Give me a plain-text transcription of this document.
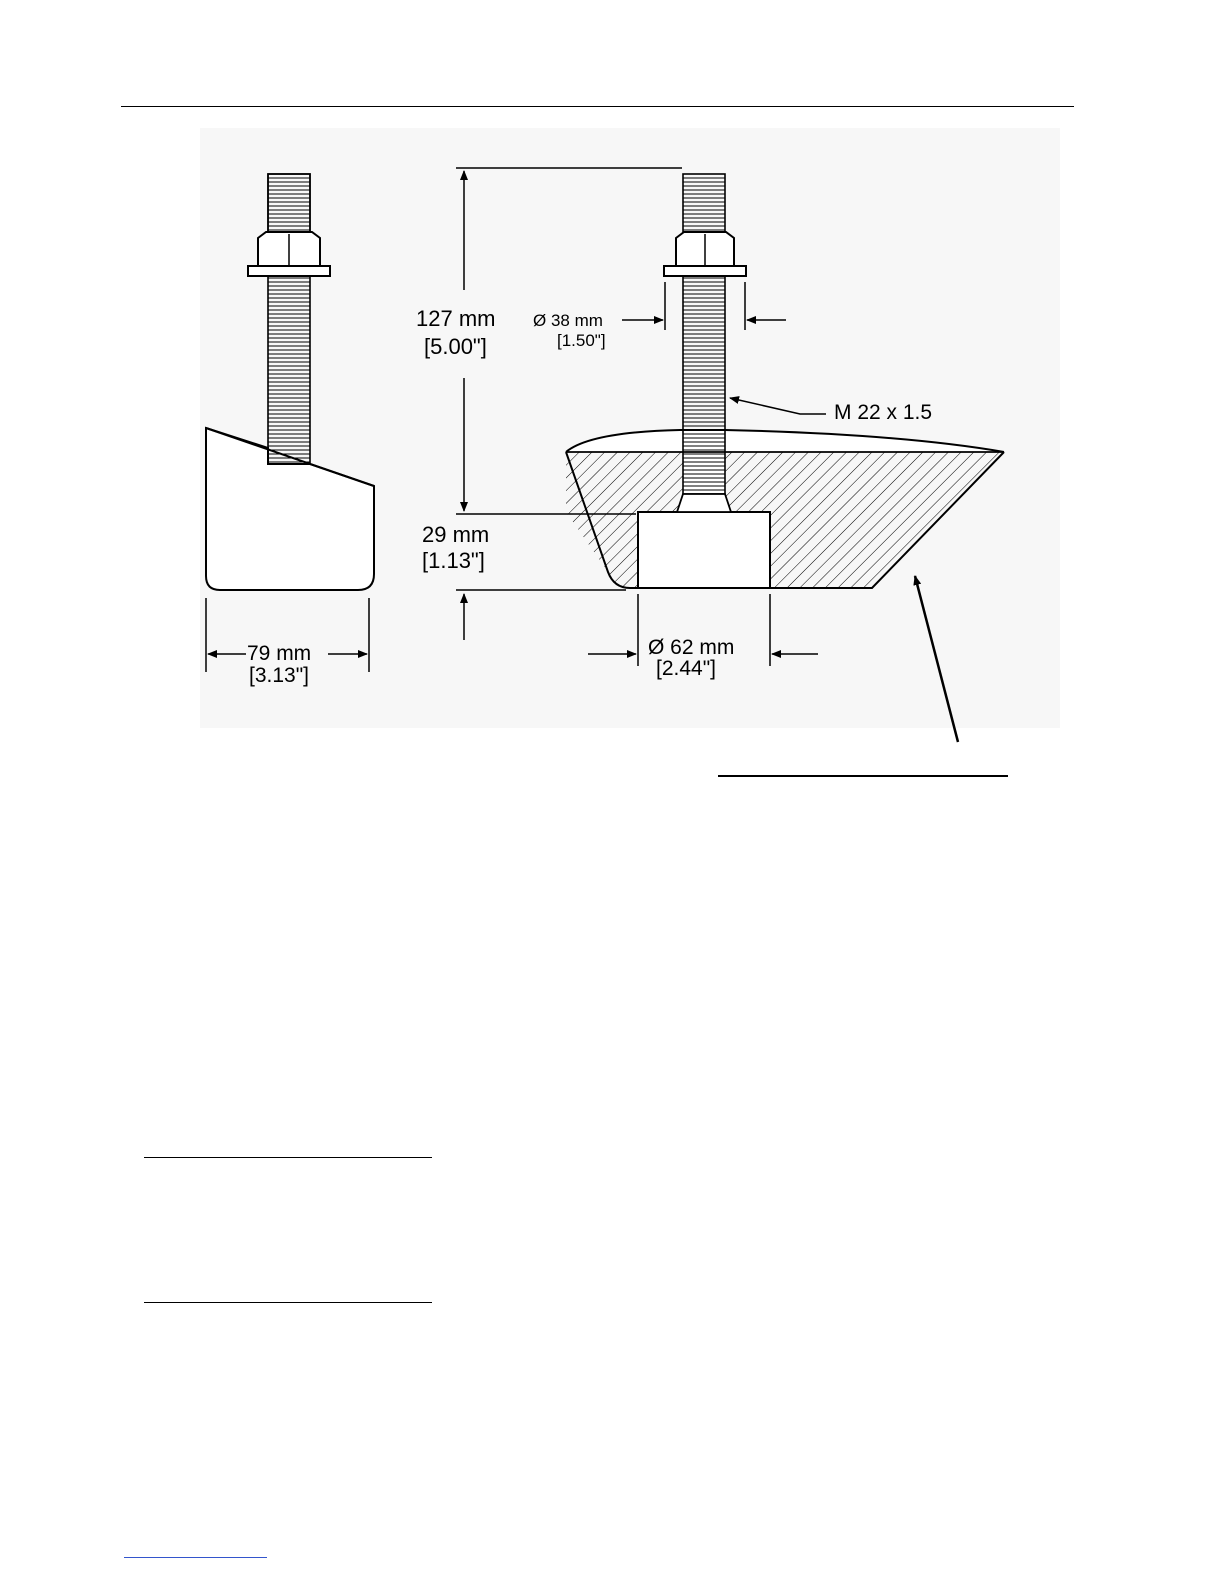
79 mm
[3.13"]
127 mm
[5.00"]
29 mm
[1.13"]
Ø 38 mm
[1.50"]
M 22 x 1.5
Ø 62 mm
[2.44"]
